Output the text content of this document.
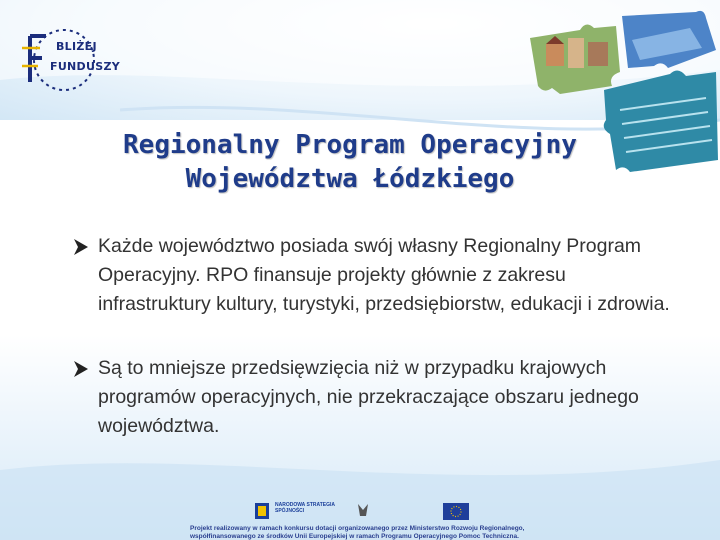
BLIŻEJ
FUNDUSZY
Regionalny Program Operacyjny
Województwa Łódzkiego
Każde województwo posiada swój własny Regionalny Program Operacyjny. RPO finansuje projekty głównie z zakresu infrastruktury kultury, turystyki, przedsiębiorstw, edukacji i zdrowia.
Są to mniejsze przedsięwzięcia niż w przypadku krajowych programów operacyjnych, nie przekraczające obszaru jednego województwa.
NARODOWA STRATEGIA SPÓJNOŚCI
Projekt realizowany w ramach konkursu dotacji organizowanego przez Ministerstwo Rozwoju Regionalnego,
współfinansowanego ze środków Unii Europejskiej w ramach Programu Operacyjnego Pomoc Techniczna.
